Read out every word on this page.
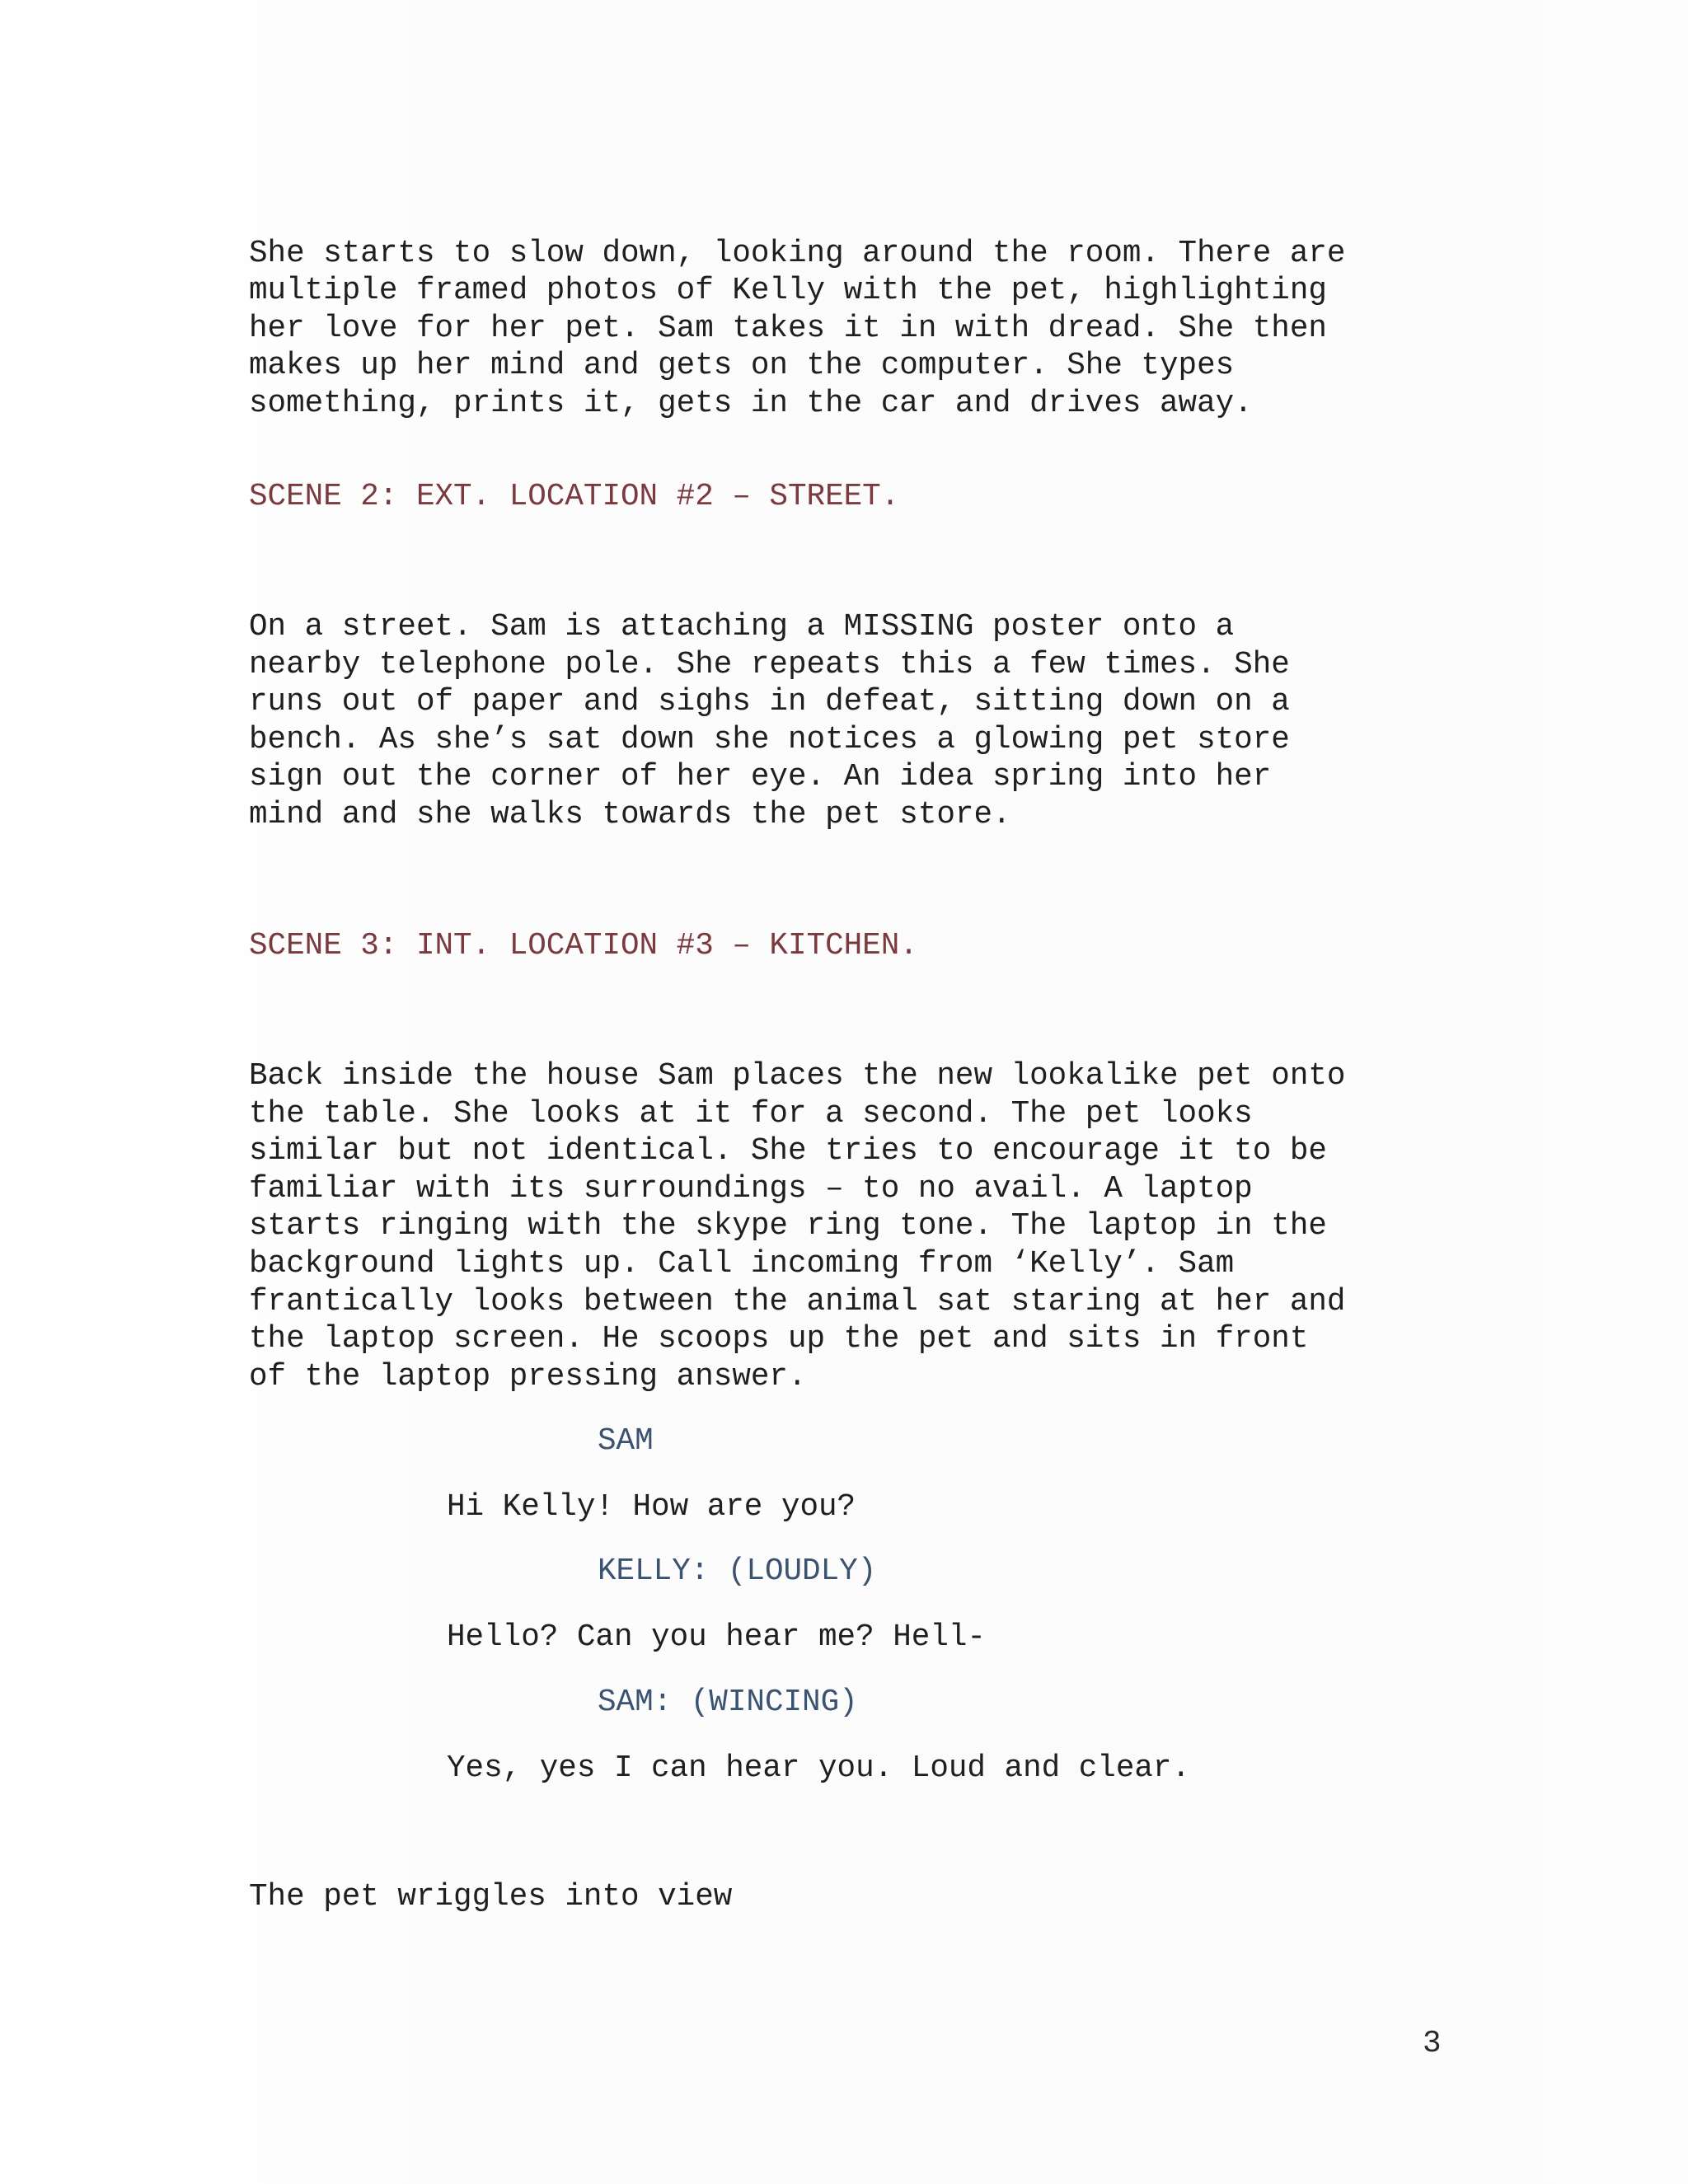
She starts to slow down, looking around the room. There are
multiple framed photos of Kelly with the pet, highlighting
her love for her pet. Sam takes it in with dread. She then
makes up her mind and gets on the computer. She types
something, prints it, gets in the car and drives away.

SCENE 2: EXT. LOCATION #2 – STREET.

On a street. Sam is attaching a MISSING poster onto a
nearby telephone pole. She repeats this a few times. She
runs out of paper and sighs in defeat, sitting down on a
bench. As she’s sat down she notices a glowing pet store
sign out the corner of her eye. An idea spring into her
mind and she walks towards the pet store.

SCENE 3: INT. LOCATION #3 – KITCHEN.

Back inside the house Sam places the new lookalike pet onto
the table. She looks at it for a second. The pet looks
similar but not identical. She tries to encourage it to be
familiar with its surroundings – to no avail. A laptop
starts ringing with the skype ring tone. The laptop in the
background lights up. Call incoming from ‘Kelly’. Sam
frantically looks between the animal sat staring at her and
the laptop screen. He scoops up the pet and sits in front
of the laptop pressing answer.

SAM

Hi Kelly! How are you?

KELLY: (LOUDLY)

Hello? Can you hear me? Hell-

SAM: (WINCING)

Yes, yes I can hear you. Loud and clear.

The pet wriggles into view

3
